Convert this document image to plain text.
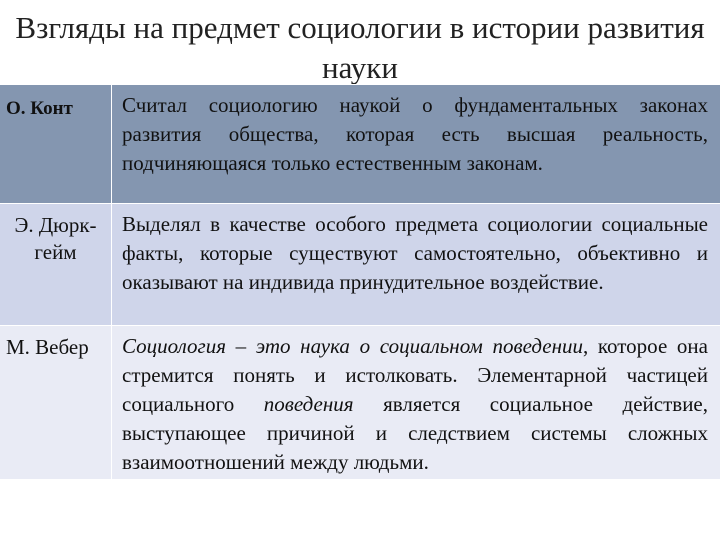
Взгляды на предмет социологии в истории развития науки
О. Конт	Считал социологию наукой о фундаментальных законах развития общества, которая есть высшая реальность, подчиняющаяся только естественным законам.
Э. Дюрк-гейм
Выделял в качестве особого предмета социологии социальные факты, которые существуют самостоятельно, объективно и оказывают на индивида принудительное воздействие.
М. Вебер	Социология – это наука о социальном поведении, которое она стремится понять и истолковать. Элементарной частицей социального поведения является социальное действие, выступающее причиной и следствием системы сложных взаимоотношений между людьми.
